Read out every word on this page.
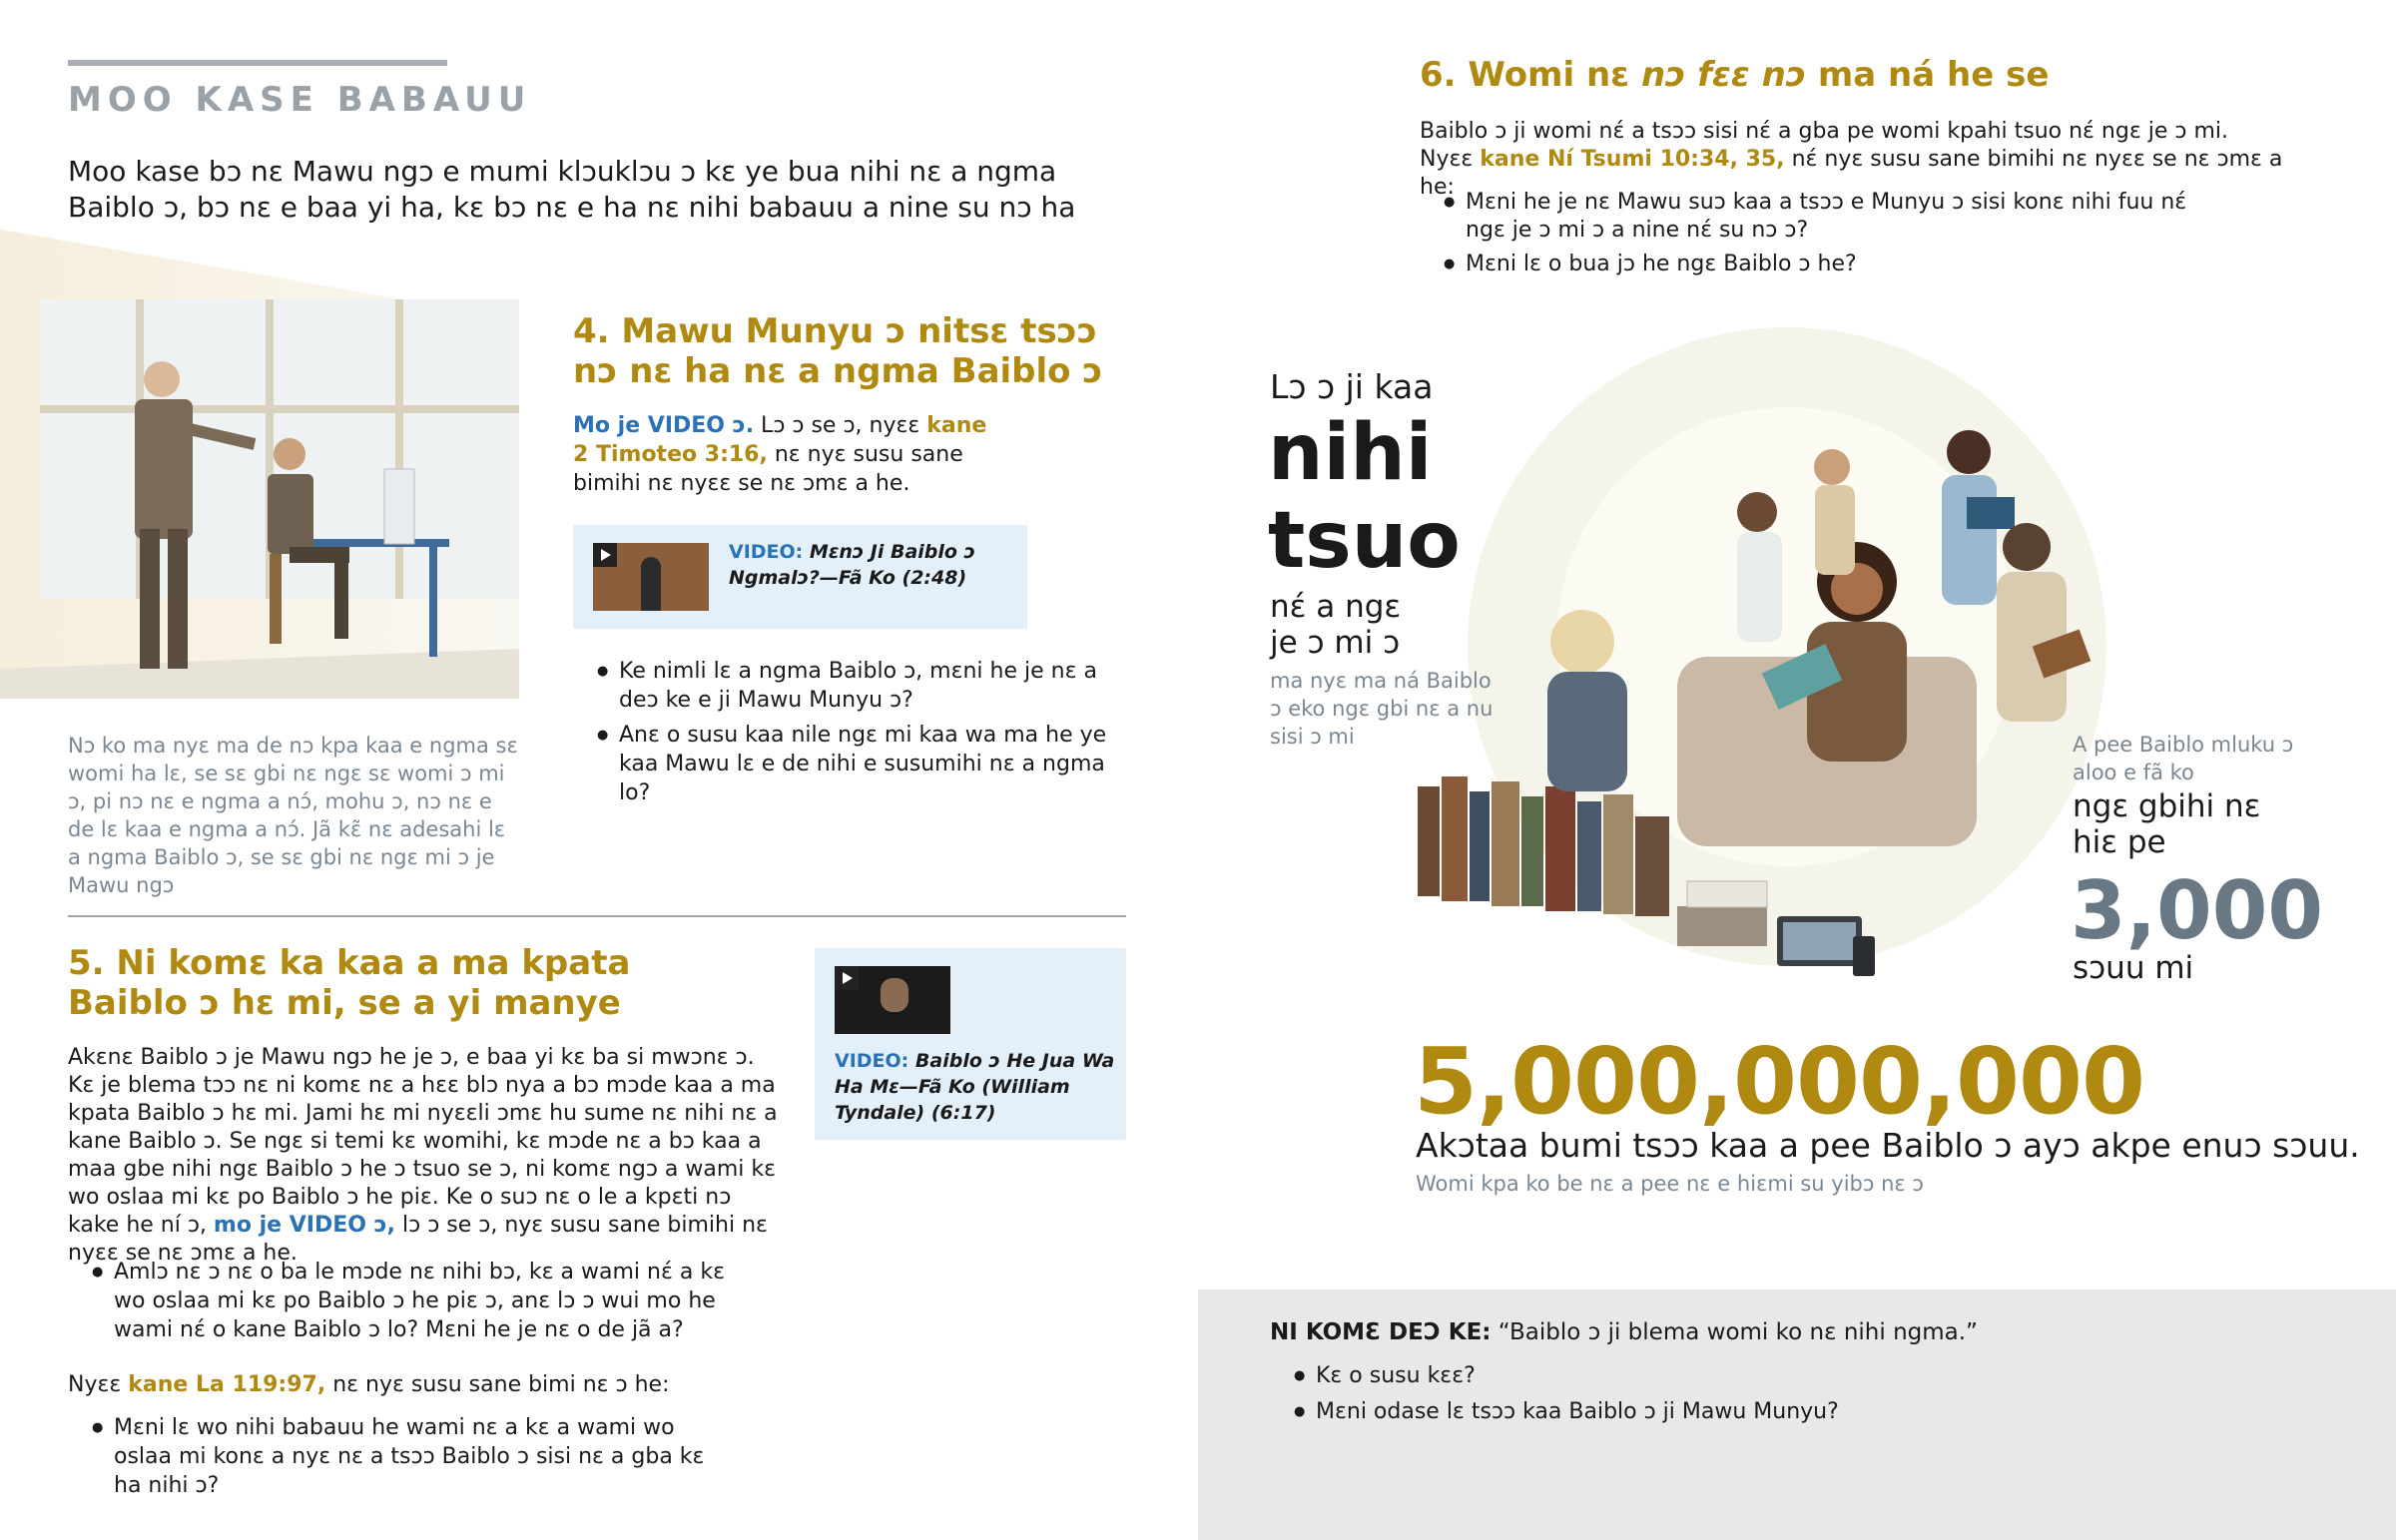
MOO KASE BABAUU

Moo kase bɔ nɛ Mawu ngɔ e mumi klɔuklɔu ɔ kɛ ye bua nihi nɛ a ngma Baiblo ɔ, bɔ nɛ e baa yi ha, kɛ bɔ nɛ e ha nɛ nihi babauu a nine su nɔ ha

Nɔ ko ma nyɛ ma de nɔ kpa kaa e ngma sɛ womi ha lɛ, se sɛ gbi nɛ ngɛ sɛ womi ɔ mi ɔ, pi nɔ nɛ e ngma a nɔ́, mohu ɔ, nɔ nɛ e de lɛ kaa e ngma a nɔ́. Jã kɛ̃ nɛ adesahi lɛ a ngma Baiblo ɔ, se sɛ gbi nɛ ngɛ mi ɔ je Mawu ngɔ

4. Mawu Munyu ɔ nitsɛ tsɔɔ
nɔ nɛ ha nɛ a ngma Baiblo ɔ

Mo je VIDEO ɔ. Lɔ ɔ se ɔ, nyɛɛ kane 2 Timoteo 3:16, nɛ nyɛ susu sane bimihi nɛ nyɛɛ se nɛ ɔmɛ a he.

VIDEO: Mɛnɔ Ji Baiblo ɔ Ngmalɔ?—Fã Ko (2:48)
● Ke nimli lɛ a ngma Baiblo ɔ, mɛni he je nɛ a deɔ ke e ji Mawu Munyu ɔ?
● Anɛ o susu kaa nile ngɛ mi kaa wa ma he ye kaa Mawu lɛ e de nihi e susumihi nɛ a ngma lo?
5. Ni komɛ ka kaa a ma kpata
Baiblo ɔ hɛ mi, se a yi manye

Akɛnɛ Baiblo ɔ je Mawu ngɔ he je ɔ, e baa yi kɛ ba si mwɔnɛ ɔ. Kɛ je blema tɔɔ nɛ ni komɛ nɛ a hɛɛ blɔ nya a bɔ mɔde kaa a ma kpata Baiblo ɔ hɛ mi. Jami hɛ mi nyɛɛli ɔmɛ hu sume nɛ nihi nɛ a kane Baiblo ɔ. Se ngɛ si temi kɛ womihi, kɛ mɔde nɛ a bɔ kaa a maa gbe nihi ngɛ Baiblo ɔ he ɔ tsuo se ɔ, ni komɛ ngɔ a wami kɛ wo oslaa mi kɛ po Baiblo ɔ he piɛ. Ke o suɔ nɛ o le a kpɛti nɔ kake he ní ɔ, mo je VIDEO ɔ, lɔ ɔ se ɔ, nyɛ susu sane bimihi nɛ nyɛɛ se nɛ ɔmɛ a he.

● Amlɔ nɛ ɔ nɛ o ba le mɔde nɛ nihi bɔ, kɛ a wami nɛ́ a kɛ wo oslaa mi kɛ po Baiblo ɔ he piɛ ɔ, anɛ lɔ ɔ wui mo he wami nɛ́ o kane Baiblo ɔ lo? Mɛni he je nɛ o de jã a?

Nyɛɛ kane La 119:97, nɛ nyɛ susu sane bimi nɛ ɔ he:

● Mɛni lɛ wo nihi babauu he wami nɛ a kɛ a wami wo oslaa mi konɛ a nyɛ nɛ a tsɔɔ Baiblo ɔ sisi nɛ a gba kɛ ha nihi ɔ?
VIDEO: Baiblo ɔ He Jua Wa Ha Mɛ—Fã Ko (William Tyndale) (6:17)
6. Womi nɛ nɔ fɛɛ nɔ ma ná he se

Baiblo ɔ ji womi nɛ́ a tsɔɔ sisi nɛ́ a gba pe womi kpahi tsuo nɛ́ ngɛ je ɔ mi.

Nyɛɛ kane Ní Tsumi 10:34, 35, nɛ́ nyɛ susu sane bimihi nɛ nyɛɛ se nɛ ɔmɛ a he:

● Mɛni he je nɛ Mawu suɔ kaa a tsɔɔ e Munyu ɔ sisi konɛ nihi fuu nɛ́ ngɛ je ɔ mi ɔ a nine nɛ́ su nɔ ɔ?
● Mɛni lɛ o bua jɔ he ngɛ Baiblo ɔ he?
Lɔ ɔ ji kaa
nihi
tsuo
nɛ́ a ngɛ
je ɔ mi ɔ
ma nyɛ ma ná Baiblo ɔ eko ngɛ gbi nɛ a nu sisi ɔ mi	A pee Baiblo mluku ɔ aloo e fã ko
ngɛ gbihi nɛ hiɛ pe
3,000
sɔuu mi
5,000,000,000
Akɔtaa bumi tsɔɔ kaa a pee Baiblo ɔ ayɔ akpe enuɔ sɔuu.
Womi kpa ko be nɛ a pee nɛ e hiɛmi su yibɔ nɛ ɔ

NI KOMƐ DEƆ KE: “Baiblo ɔ ji blema womi ko nɛ nihi ngma.”

● Kɛ o susu kɛɛ?
● Mɛni odase lɛ tsɔɔ kaa Baiblo ɔ ji Mawu Munyu?
